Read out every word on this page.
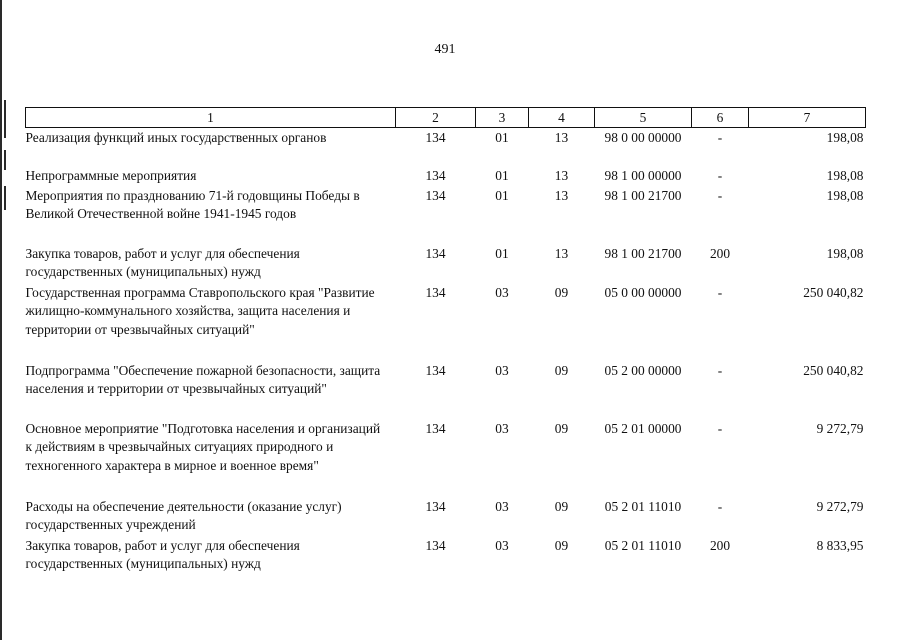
491
1	2	3	4	5	6	7
Реализация функций иных государственных органов	134	01	13	98 0 00 00000	-	198,08
Непрограммные мероприятия	134	01	13	98 1 00 00000	-	198,08
Мероприятия по празднованию 71-й годовщины Победы в Великой Отечественной войне 1941-1945 годов	134	01	13	98 1 00 21700	-	198,08
Закупка товаров, работ и услуг для обеспечения государственных (муниципальных) нужд	134	01	13	98 1 00 21700	200	198,08
Государственная программа Ставропольского края "Развитие жилищно-коммунального хозяйства, защита населения и территории от чрезвычайных ситуаций"	134	03	09	05 0 00 00000	-	250 040,82
Подпрограмма "Обеспечение пожарной безопасности, защита населения и территории от чрезвычайных ситуаций"	134	03	09	05 2 00 00000	-	250 040,82
Основное мероприятие "Подготовка населения и организаций к действиям в чрезвычайных ситуациях природного и техногенного характера в мирное и военное время"	134	03	09	05 2 01 00000	-	9 272,79
Расходы на обеспечение деятельности (оказание услуг) государственных учреждений	134	03	09	05 2 01 11010	-	9 272,79
Закупка товаров, работ и услуг для обеспечения государственных (муниципальных) нужд	134	03	09	05 2 01 11010	200	8 833,95
